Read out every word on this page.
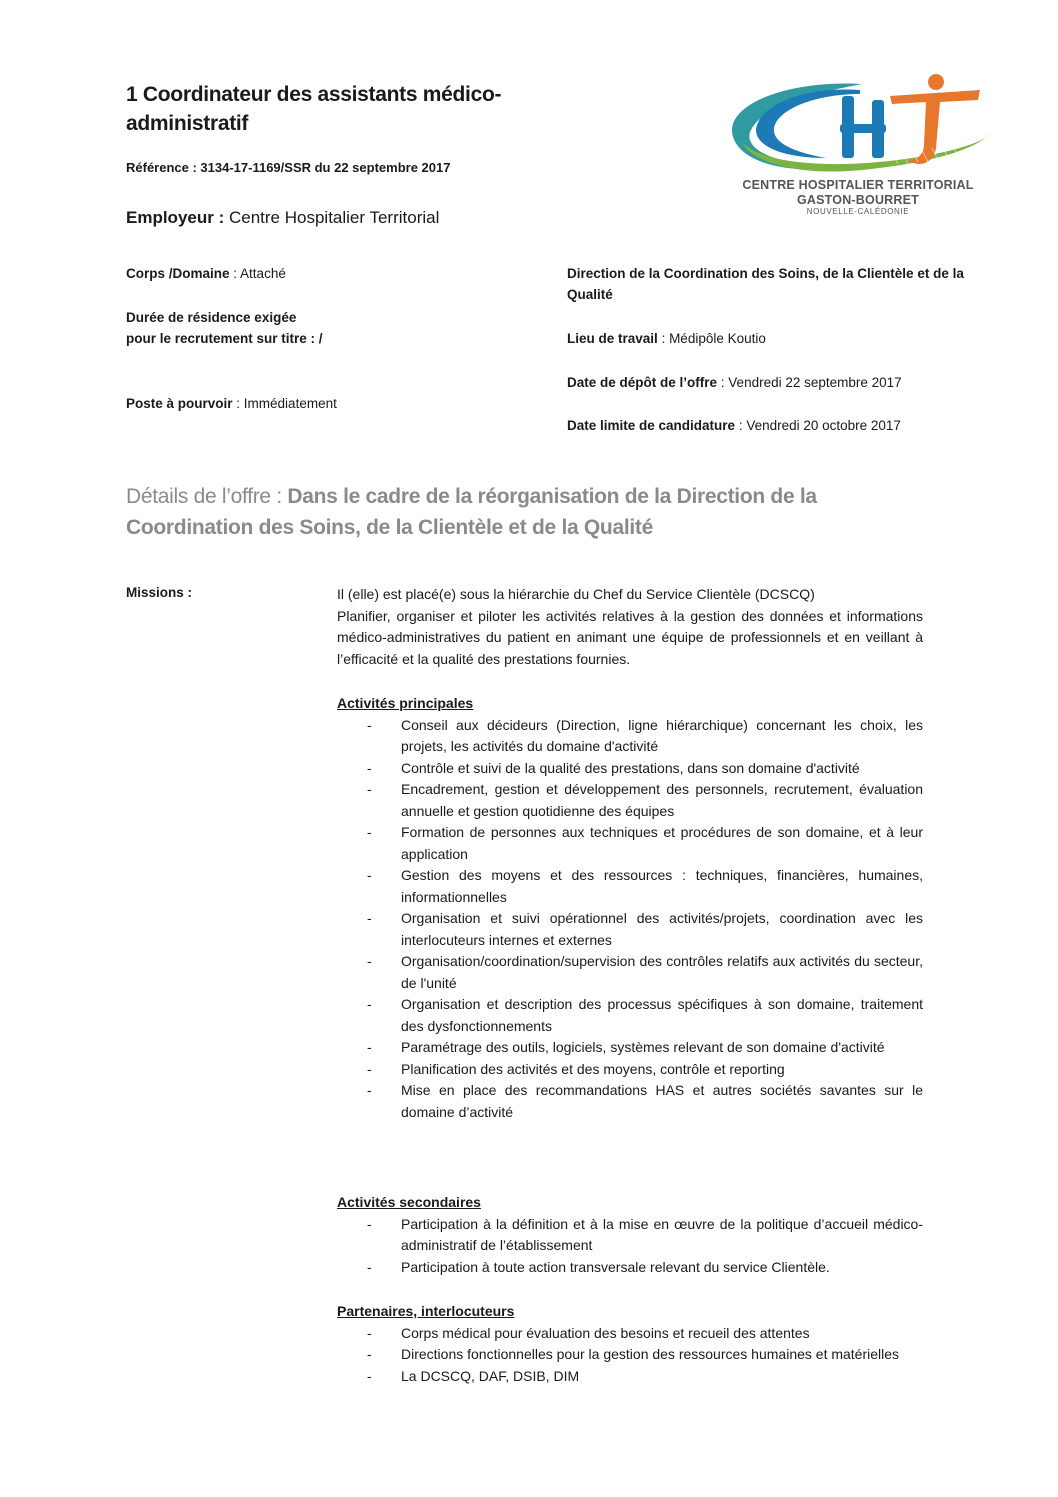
1 Coordinateur des assistants médico-administratif
CENTRE HOSPITALIER TERRITORIAL
GASTON-BOURRET
NOUVELLE-CALÉDONIE
Référence : 3134-17-1169/SSR du 22 septembre 2017
Employeur : Centre Hospitalier Territorial
Corps /Domaine : Attaché
Durée de résidence exigée
pour le recrutement sur titre : /
Poste à pourvoir : Immédiatement
Direction de la Coordination des Soins, de la Clientèle et de la Qualité
Lieu de travail : Médipôle Koutio
Date de dépôt de l’offre : Vendredi 22 septembre 2017
Date limite de candidature : Vendredi 20 octobre 2017
Détails de l’offre : Dans le cadre de la réorganisation de la Direction de la Coordination des Soins, de la Clientèle et de la Qualité
Missions :	Il (elle) est placé(e) sous la hiérarchie du Chef du Service Clientèle (DCSCQ)
Planifier, organiser et piloter les activités relatives à la gestion des données et informations médico-administratives du patient en animant une équipe de professionnels et en veillant à l’efficacité et la qualité des prestations fournies.
Activités principales
- Conseil aux décideurs (Direction, ligne hiérarchique) concernant les choix, les projets, les activités du domaine d'activité
- Contrôle et suivi de la qualité des prestations, dans son domaine d'activité
- Encadrement, gestion et développement des personnels, recrutement, évaluation annuelle et gestion quotidienne des équipes
- Formation de personnes aux techniques et procédures de son domaine, et à leur application
- Gestion des moyens et des ressources : techniques, financières, humaines, informationnelles
- Organisation et suivi opérationnel des activités/projets, coordination avec les interlocuteurs internes et externes
- Organisation/coordination/supervision des contrôles relatifs aux activités du secteur, de l'unité
- Organisation et description des processus spécifiques à son domaine, traitement des dysfonctionnements
- Paramétrage des outils, logiciels, systèmes relevant de son domaine d'activité
- Planification des activités et des moyens, contrôle et reporting
- Mise en place des recommandations HAS et autres sociétés savantes sur le domaine d’activité
Activités secondaires
- Participation à la définition et à la mise en œuvre de la politique d’accueil médico-administratif de l’établissement
- Participation à toute action transversale relevant du service Clientèle.
Partenaires, interlocuteurs
- Corps médical pour évaluation des besoins et recueil des attentes
- Directions fonctionnelles pour la gestion des ressources humaines et matérielles
- La DCSCQ, DAF, DSIB, DIM
